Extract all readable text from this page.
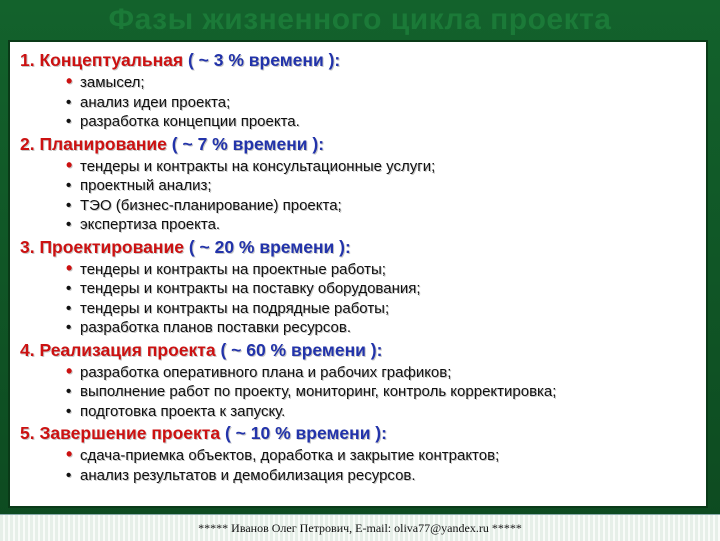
Фазы жизненного цикла проекта
1. Концептуальная ( ~ 3 % времени ):
• замысел;
• анализ идеи проекта;
• разработка концепции проекта.
2. Планирование ( ~ 7 % времени ):
• тендеры и контракты на консультационные услуги;
• проектный анализ;
• ТЭО (бизнес-планирование) проекта;
• экспертиза проекта.
3. Проектирование ( ~ 20 % времени ):
• тендеры и контракты на проектные работы;
• тендеры и контракты на поставку оборудования;
• тендеры и контракты на подрядные работы;
• разработка планов поставки ресурсов.
4. Реализация проекта ( ~ 60 % времени ):
• разработка оперативного плана и рабочих графиков;
• выполнение работ по проекту, мониторинг, контроль корректировка;
• подготовка проекта к запуску.
5. Завершение проекта ( ~ 10 % времени ):
• сдача-приемка объектов, доработка и закрытие контрактов;
• анализ результатов и демобилизация ресурсов.
***** Иванов Олег Петрович, E-mail: oliva77@yandex.ru *****
